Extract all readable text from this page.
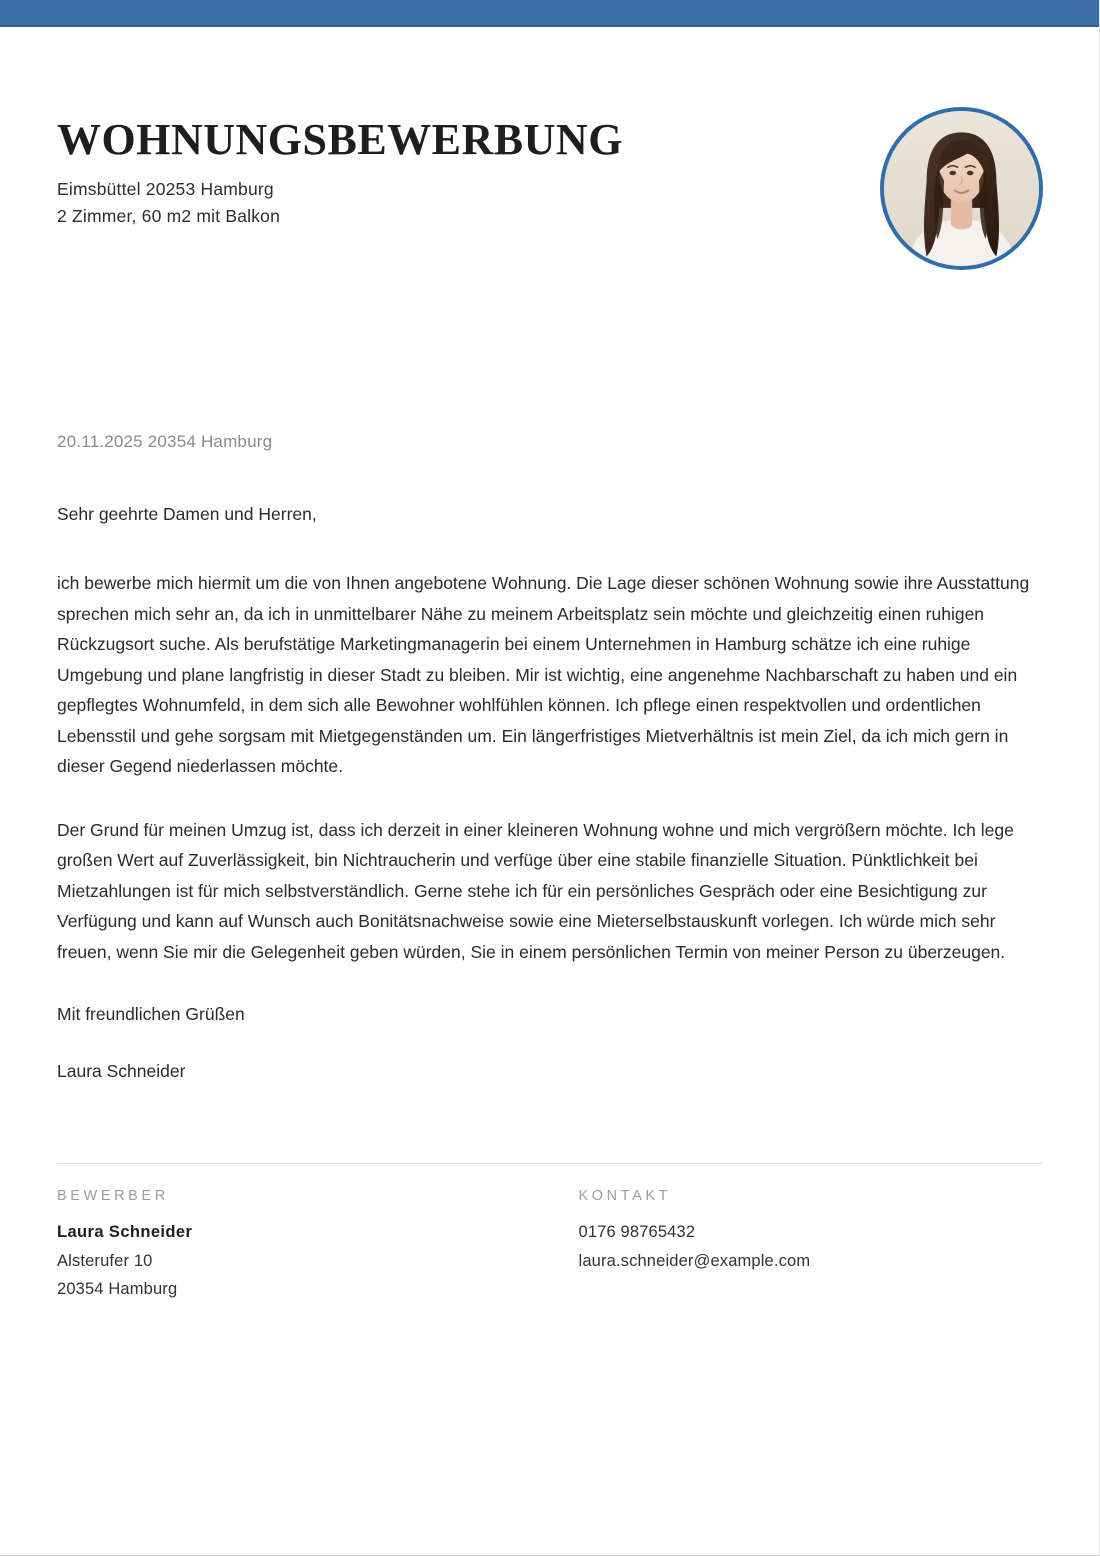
WOHNUNGSBEWERBUNG
Eimsbüttel 20253 Hamburg
2 Zimmer, 60 m2 mit Balkon
20.11.2025 20354 Hamburg

Sehr geehrte Damen und Herren,

ich bewerbe mich hiermit um die von Ihnen angebotene Wohnung. Die Lage dieser schönen Wohnung sowie ihre Ausstattung sprechen mich sehr an, da ich in unmittelbarer Nähe zu meinem Arbeitsplatz sein möchte und gleichzeitig einen ruhigen Rückzugsort suche. Als berufstätige Marketingmanagerin bei einem Unternehmen in Hamburg schätze ich eine ruhige Umgebung und plane langfristig in dieser Stadt zu bleiben. Mir ist wichtig, eine angenehme Nachbarschaft zu haben und ein gepflegtes Wohnumfeld, in dem sich alle Bewohner wohlfühlen können. Ich pflege einen respektvollen und ordentlichen Lebensstil und gehe sorgsam mit Mietgegenständen um. Ein längerfristiges Mietverhältnis ist mein Ziel, da ich mich gern in dieser Gegend niederlassen möchte.

Der Grund für meinen Umzug ist, dass ich derzeit in einer kleineren Wohnung wohne und mich vergrößern möchte. Ich lege großen Wert auf Zuverlässigkeit, bin Nichtraucherin und verfüge über eine stabile finanzielle Situation. Pünktlichkeit bei Mietzahlungen ist für mich selbstverständlich. Gerne stehe ich für ein persönliches Gespräch oder eine Besichtigung zur Verfügung und kann auf Wunsch auch Bonitätsnachweise sowie eine Mieterselbstauskunft vorlegen. Ich würde mich sehr freuen, wenn Sie mir die Gelegenheit geben würden, Sie in einem persönlichen Termin von meiner Person zu überzeugen.

Mit freundlichen Grüßen

Laura Schneider

BEWERBER
Laura Schneider
Alsterufer 10
20354 Hamburg
KONTAKT
0176 98765432
laura.schneider@example.com
